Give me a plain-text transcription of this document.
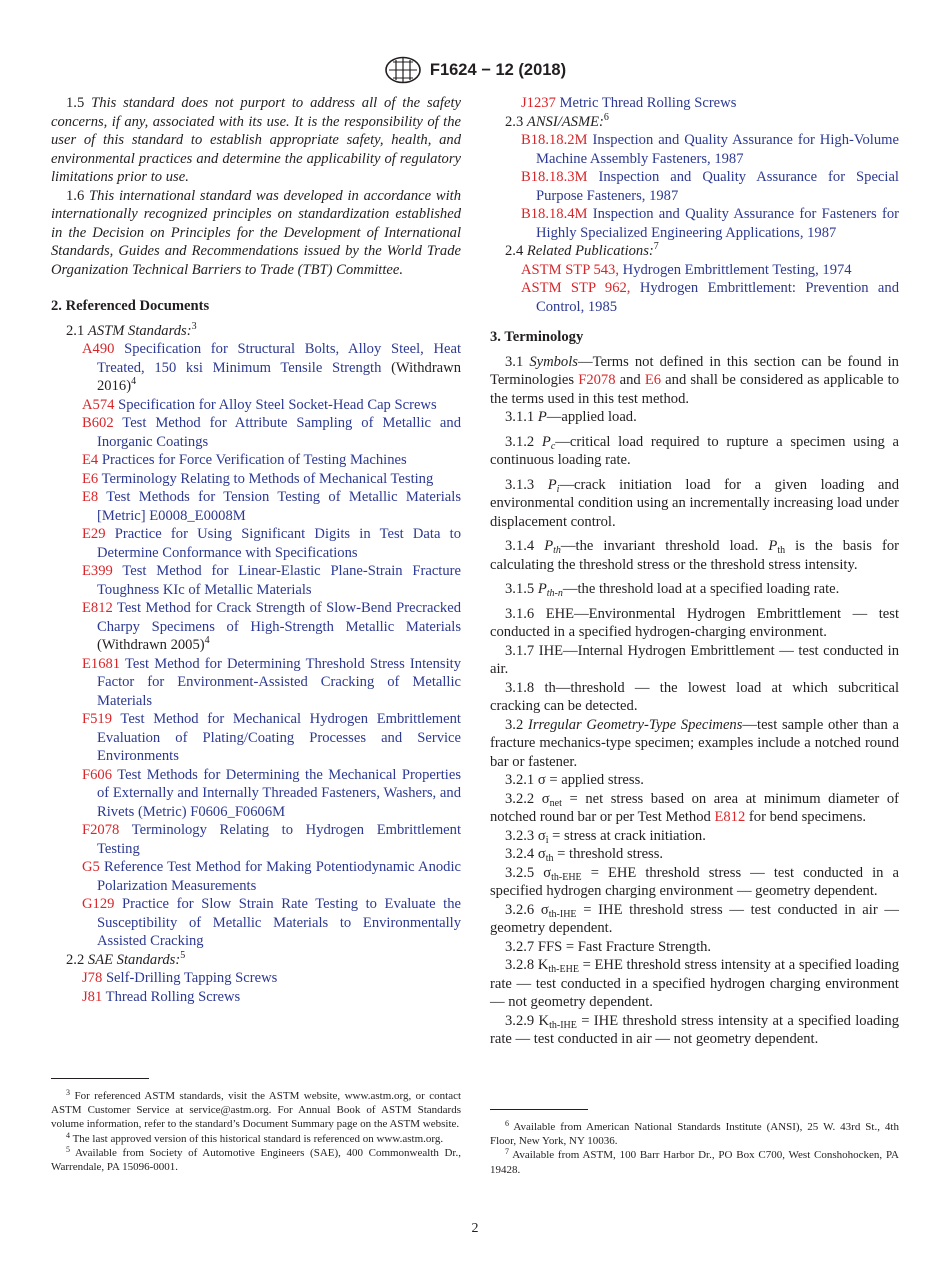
F1624 − 12 (2018)

1.5 This standard does not purport to address all of the safety concerns, if any, associated with its use. It is the responsibility of the user of this standard to establish appropriate safety, health, and environmental practices and determine the applicability of regulatory limitations prior to use.

1.6 This international standard was developed in accordance with internationally recognized principles on standardization established in the Decision on Principles for the Development of International Standards, Guides and Recommendations issued by the World Trade Organization Technical Barriers to Trade (TBT) Committee.

2. Referenced Documents

2.1 ASTM Standards:$^3$

A490 Specification for Structural Bolts, Alloy Steel, Heat Treated, 150 ksi Minimum Tensile Strength (Withdrawn 2016)$^4$

A574 Specification for Alloy Steel Socket-Head Cap Screws

B602 Test Method for Attribute Sampling of Metallic and Inorganic Coatings

E4 Practices for Force Verification of Testing Machines

E6 Terminology Relating to Methods of Mechanical Testing

E8 Test Methods for Tension Testing of Metallic Materials [Metric] E0008_E0008M

E29 Practice for Using Significant Digits in Test Data to Determine Conformance with Specifications

E399 Test Method for Linear-Elastic Plane-Strain Fracture Toughness KIc of Metallic Materials

E812 Test Method for Crack Strength of Slow-Bend Precracked Charpy Specimens of High-Strength Metallic Materials (Withdrawn 2005)$^4$

E1681 Test Method for Determining Threshold Stress Intensity Factor for Environment-Assisted Cracking of Metallic Materials

F519 Test Method for Mechanical Hydrogen Embrittlement Evaluation of Plating/Coating Processes and Service Environments

F606 Test Methods for Determining the Mechanical Properties of Externally and Internally Threaded Fasteners, Washers, and Rivets (Metric) F0606_F0606M

F2078 Terminology Relating to Hydrogen Embrittlement Testing

G5 Reference Test Method for Making Potentiodynamic Anodic Polarization Measurements

G129 Practice for Slow Strain Rate Testing to Evaluate the Susceptibility of Metallic Materials to Environmentally Assisted Cracking

2.2 SAE Standards:$^5$

J78 Self-Drilling Tapping Screws

J81 Thread Rolling Screws

$^3$ For referenced ASTM standards, visit the ASTM website, www.astm.org, or contact ASTM Customer Service at service@astm.org. For Annual Book of ASTM Standards volume information, refer to the standard’s Document Summary page on the ASTM website.

$^4$ The last approved version of this historical standard is referenced on www.astm.org.

$^5$ Available from Society of Automotive Engineers (SAE), 400 Commonwealth Dr., Warrendale, PA 15096-0001.

J1237 Metric Thread Rolling Screws

2.3 ANSI/ASME:$^6$

B18.18.2M Inspection and Quality Assurance for High-Volume Machine Assembly Fasteners, 1987

B18.18.3M Inspection and Quality Assurance for Special Purpose Fasteners, 1987

B18.18.4M Inspection and Quality Assurance for Fasteners for Highly Specialized Engineering Applications, 1987

2.4 Related Publications:$^7$

ASTM STP 543, Hydrogen Embrittlement Testing, 1974

ASTM STP 962, Hydrogen Embrittlement: Prevention and Control, 1985

3. Terminology

3.1 Symbols—Terms not defined in this section can be found in Terminologies F2078 and E6 and shall be considered as applicable to the terms used in this test method.

3.1.1 P—applied load.

3.1.2 $P_c—critical$ load required to rupture a specimen using a continuous loading rate.

3.1.3 $P_i—crack$ initiation load for a given loading and environmental condition using an incrementally increasing load under displacement control.

3.1.4 $P_{th}—the$ invariant threshold load. $P_{th}$ is the basis for calculating the threshold stress or the threshold stress intensity.

3.1.5 $P_{th-n}—the$ threshold load at a specified loading rate.

3.1.6 EHE—Environmental Hydrogen Embrittlement — test conducted in a specified hydrogen-charging environment.

3.1.7 IHE—Internal Hydrogen Embrittlement — test conducted in air.

3.1.8 th—threshold — the lowest load at which subcritical cracking can be detected.

3.2 Irregular Geometry-Type Specimens—test sample other than a fracture mechanics-type specimen; examples include a notched round bar or fastener.

3.2.1 σ = applied stress.

3.2.2 $\sigma_{net}$ = net stress based on area at minimum diameter of notched round bar or per Test Method E812 for bend specimens.

3.2.3 $\sigma_i$ = stress at crack initiation.

3.2.4 $\sigma_{th}$ = threshold stress.

3.2.5 $\sigma_{th-EHE}$ = EHE threshold stress — test conducted in a specified hydrogen charging environment — geometry dependent.

3.2.6 $\sigma_{th-IHE}$ = IHE threshold stress — test conducted in air — geometry dependent.

3.2.7 FFS = Fast Fracture Strength.

3.2.8 $K_{th-EHE}$ = EHE threshold stress intensity at a specified loading rate — test conducted in a specified hydrogen charging environment — not geometry dependent.

3.2.9 $K_{th-IHE}$ = IHE threshold stress intensity at a specified loading rate — test conducted in air — not geometry dependent.

$^6$ Available from American National Standards Institute (ANSI), 25 W. 43rd St., 4th Floor, New York, NY 10036.

$^7$ Available from ASTM, 100 Barr Harbor Dr., PO Box C700, West Conshohocken, PA 19428.

2
